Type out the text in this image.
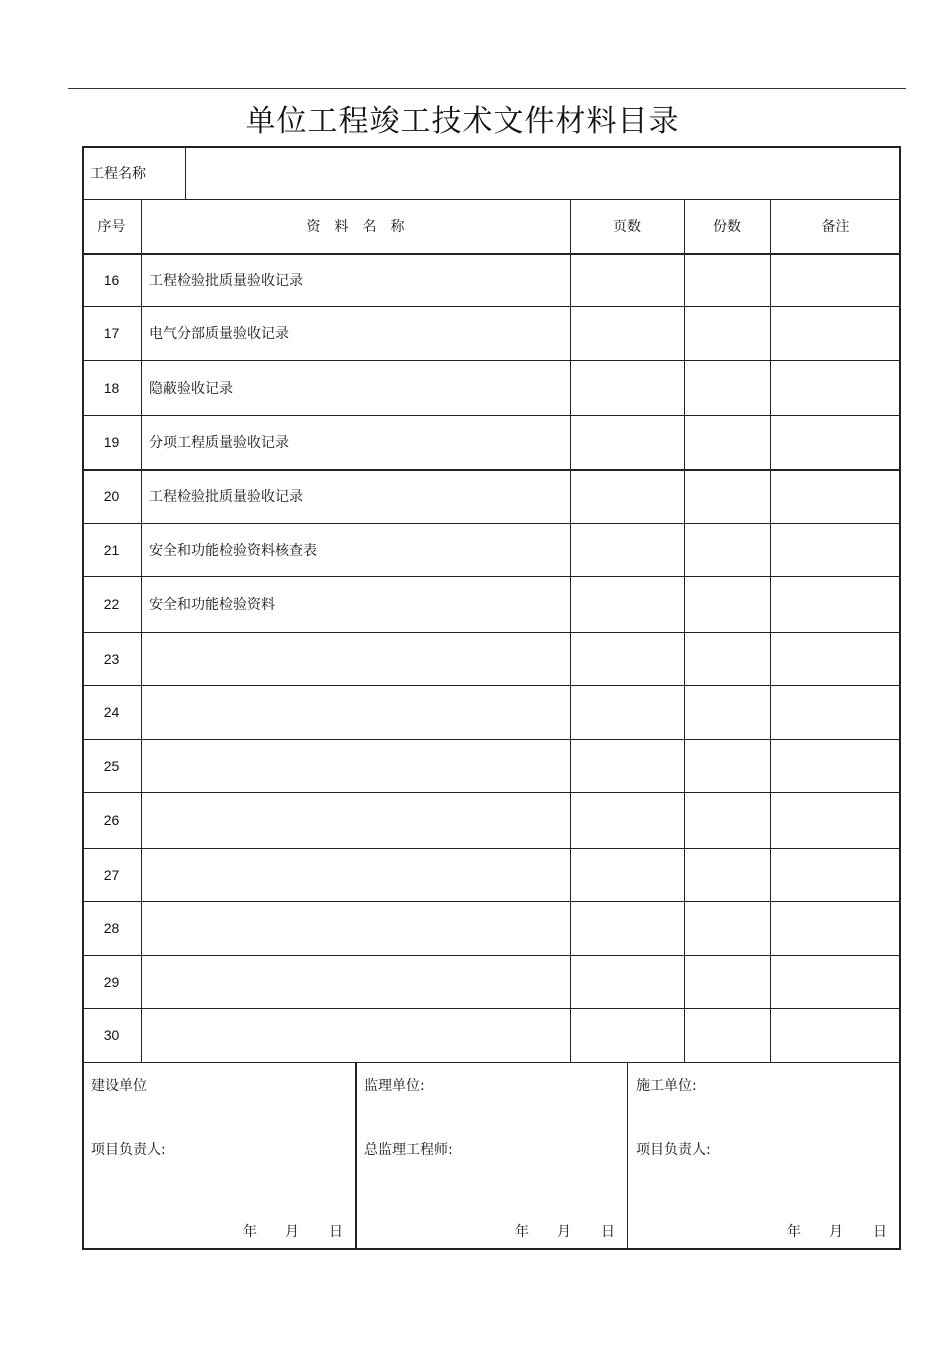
单位工程竣工技术文件材料目录
工程名称
序号	资　料　名　称	页数	份数	备注
16	工程检验批质量验收记录
17	电气分部质量验收记录
18	隐蔽验收记录
19	分项工程质量验收记录
20	工程检验批质量验收记录
21	安全和功能检验资料核查表
22	安全和功能检验资料
23
24
25
26
27
28
29
30
建设单位
项目负责人:
年 月 日
监理单位:
总监理工程师:
年 月 日
施工单位:
项目负责人:
年 月 日
